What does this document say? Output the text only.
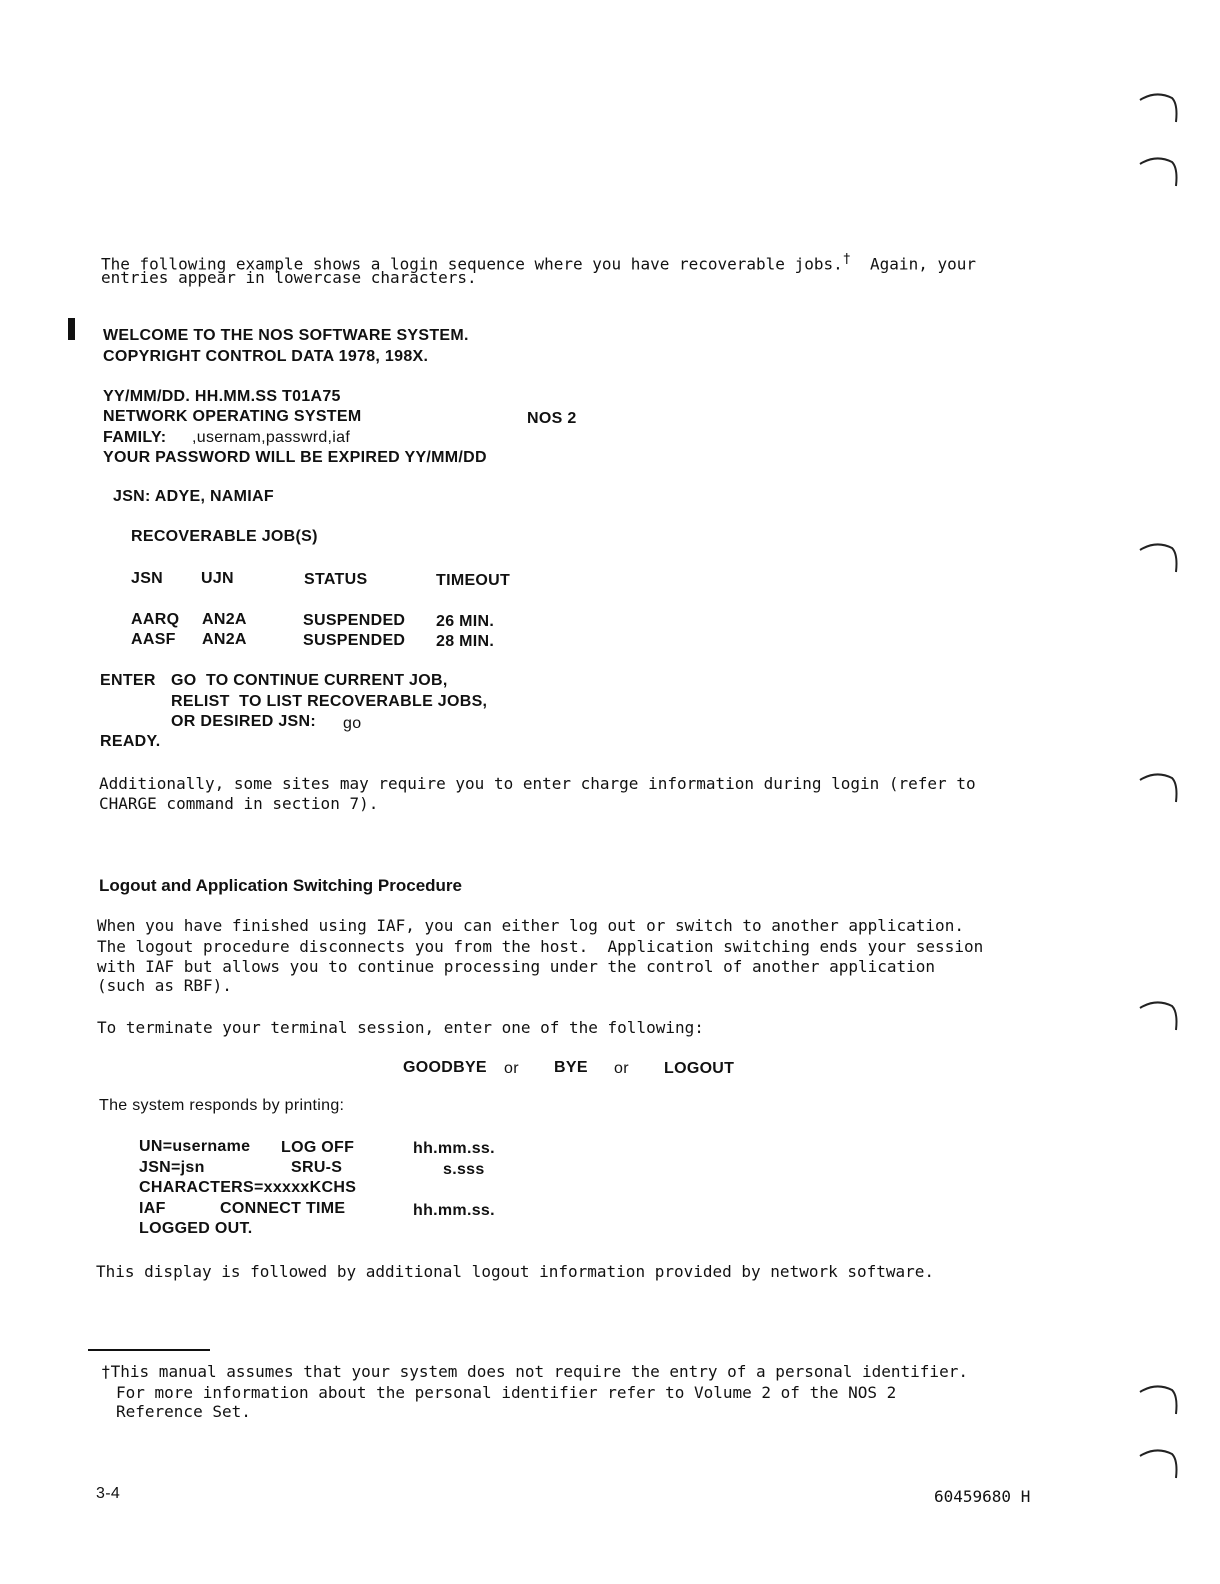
The following example shows a login sequence where you have recoverable jobs.†  Again, your
entries appear in lowercase characters.
WELCOME TO THE NOS SOFTWARE SYSTEM.
COPYRIGHT CONTROL DATA 1978, 198X.
YY/MM/DD. HH.MM.SS T01A75
NETWORK OPERATING SYSTEM	NOS 2
FAMILY: ,usernam,passwrd,iaf
YOUR PASSWORD WILL BE EXPIRED YY/MM/DD
JSN: ADYE, NAMIAF
RECOVERABLE JOB(S)
JSN UJN	STATUS	TIMEOUT
AARQ AN2A	SUSPENDED 26 MIN.
AASF AN2A	SUSPENDED 28 MIN.
ENTER GO  TO CONTINUE CURRENT JOB,
RELIST  TO LIST RECOVERABLE JOBS,
OR DESIRED JSN: go
READY.
Additionally, some sites may require you to enter charge information during login (refer to
CHARGE command in section 7).
Logout and Application Switching Procedure
When you have finished using IAF, you can either log out or switch to another application.
The logout procedure disconnects you from the host.  Application switching ends your session
with IAF but allows you to continue processing under the control of another application
(such as RBF).
To terminate your terminal session, enter one of the following:
GOODBYE or BYE or LOGOUT
The system responds by printing:
UN=username LOG OFF	hh.mm.ss.
JSN=jsn	SRU-S	s.sss
CHARACTERS=xxxxxKCHS
IAF	CONNECT TIME	hh.mm.ss.
LOGGED OUT.
This display is followed by additional logout information provided by network software.
†This manual assumes that your system does not require the entry of a personal identifier.
For more information about the personal identifier refer to Volume 2 of the NOS 2
Reference Set.
3-4	60459680 H
